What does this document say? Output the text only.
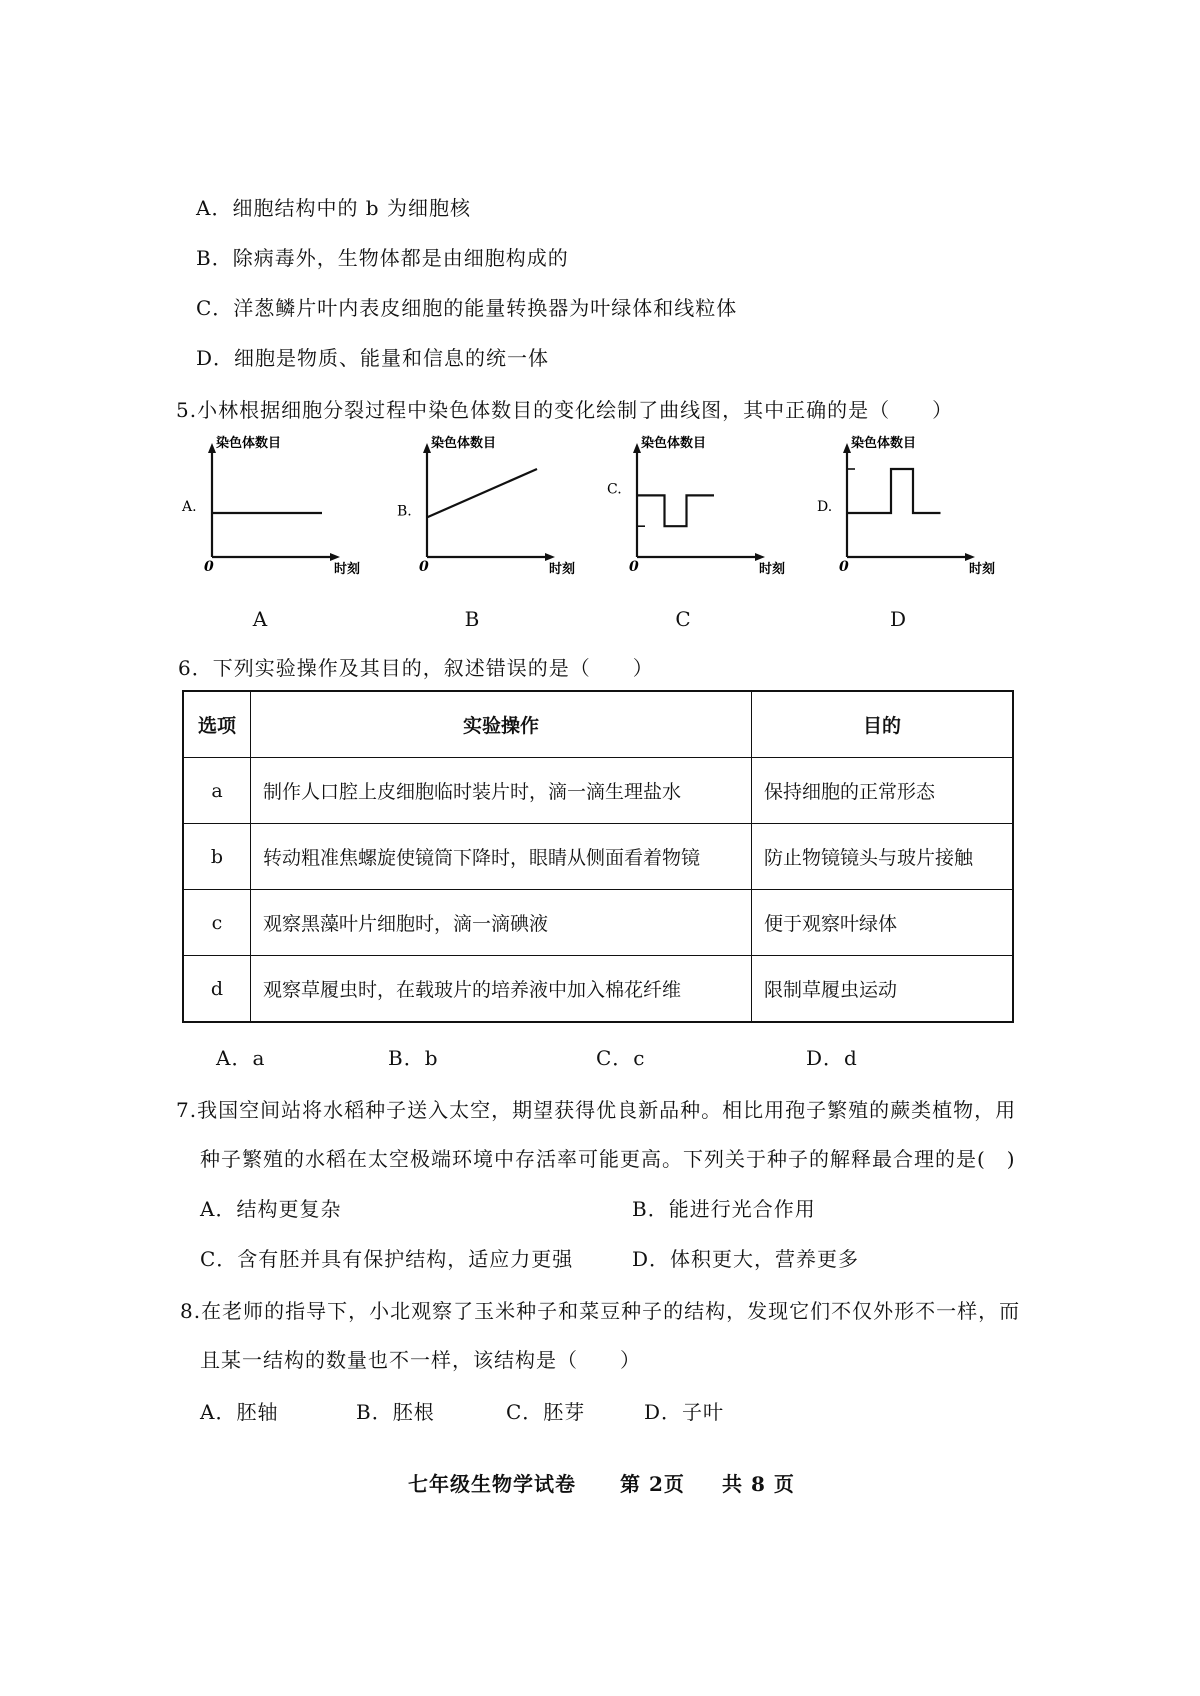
A．细胞结构中的 b 为细胞核
B．除病毒外，生物体都是由细胞构成的
C．洋葱鳞片叶内表皮细胞的能量转换器为叶绿体和线粒体
D．细胞是物质、能量和信息的统一体
5.小林根据细胞分裂过程中染色体数目的变化绘制了曲线图，其中正确的是（　　）
染色体数目
时刻
0
A.
染色体数目
时刻
0
B.
染色体数目
时刻
0
C.
染色体数目
时刻
0
D.
A	B	C	D
6．下列实验操作及其目的，叙述错误的是（　　）
选项	实验操作	目的
a	制作人口腔上皮细胞临时装片时，滴一滴生理盐水	保持细胞的正常形态
b	转动粗准焦螺旋使镜筒下降时，眼睛从侧面看着物镜	防止物镜镜头与玻片接触
c	观察黑藻叶片细胞时，滴一滴碘液	便于观察叶绿体
d	观察草履虫时，在载玻片的培养液中加入棉花纤维	限制草履虫运动
A．a	B．b	C．c	D．d
7.我国空间站将水稻种子送入太空，期望获得优良新品种。相比用孢子繁殖的蕨类植物，用
种子繁殖的水稻在太空极端环境中存活率可能更高。下列关于种子的解释最合理的是(　)
A．结构更复杂	B．能进行光合作用
C．含有胚并具有保护结构，适应力更强	D．体积更大，营养更多
8.在老师的指导下，小北观察了玉米种子和菜豆种子的结构，发现它们不仅外形不一样，而
且某一结构的数量也不一样，该结构是（　　）
A．胚轴	B．胚根	C．胚芽	D．子叶
七年级生物学试卷 第 2页 共 8 页
